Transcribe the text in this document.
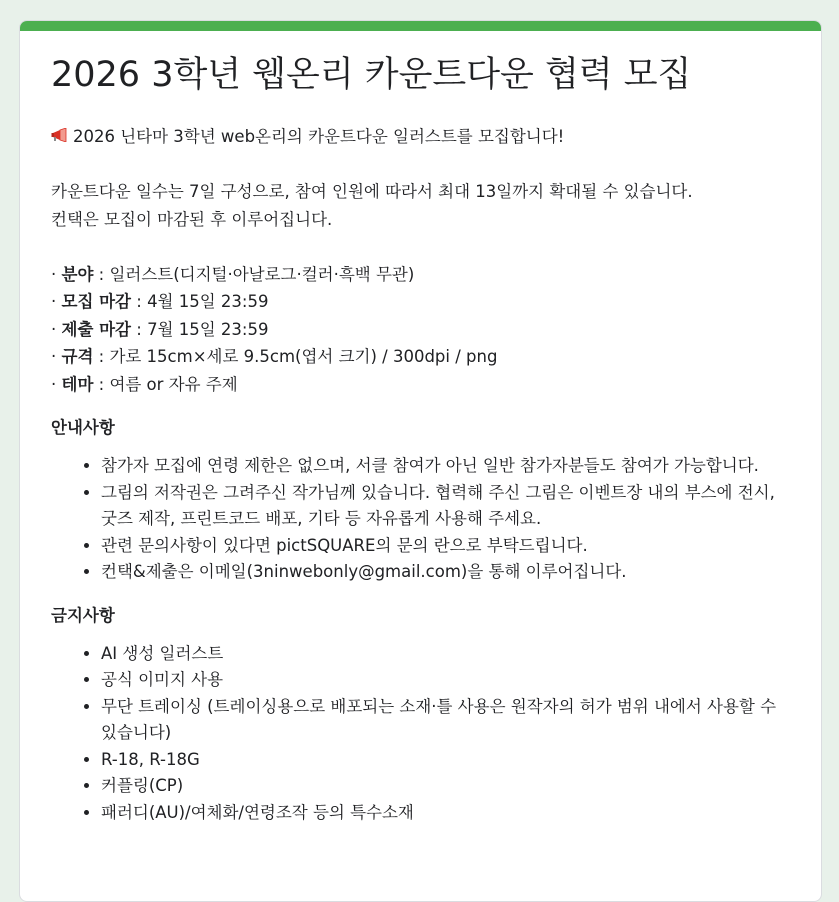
2026 3학년 웹온리 카운트다운 협력 모집

2026 닌타마 3학년 web온리의 카운트다운 일러스트를 모집합니다!

카운트다운 일수는 7일 구성으로, 참여 인원에 따라서 최대 13일까지 확대될 수 있습니다.

컨택은 모집이 마감된 후 이루어집니다.

· 분야 : 일러스트(디지털·아날로그·컬러·흑백 무관)

· 모집 마감 : 4월 15일 23:59

· 제출 마감 : 7월 15일 23:59

· 규격 : 가로 15cm×세로 9.5cm(엽서 크기) / 300dpi / png

· 테마 : 여름 or 자유 주제

안내사항
• 참가자 모집에 연령 제한은 없으며, 서클 참여가 아닌 일반 참가자분들도 참여가 가능합니다.
• 그림의 저작권은 그려주신 작가님께 있습니다. 협력해 주신 그림은 이벤트장 내의 부스에 전시, 굿즈 제작, 프린트코드 배포, 기타 등 자유롭게 사용해 주세요.
• 관련 문의사항이 있다면 pictSQUARE의 문의 란으로 부탁드립니다.
• 컨택&제출은 이메일(3ninwebonly@gmail.com)을 통해 이루어집니다.
금지사항
• AI 생성 일러스트
• 공식 이미지 사용
• 무단 트레이싱 (트레이싱용으로 배포되는 소재·틀 사용은 원작자의 허가 범위 내에서 사용할 수 있습니다)
• R-18, R-18G
• 커플링(CP)
• 패러디(AU)/여체화/연령조작 등의 특수소재
